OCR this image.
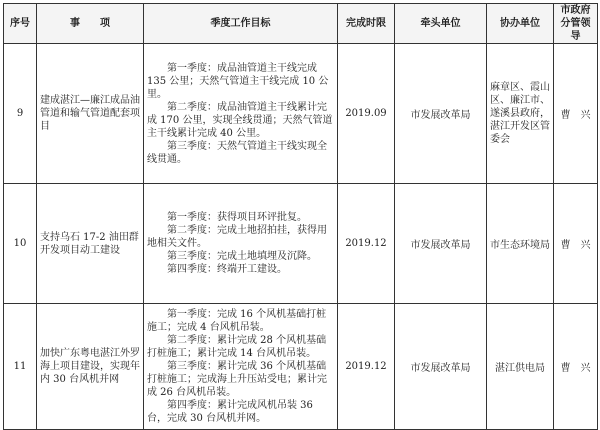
序号	事　　项	季度工作目标	完成时限	牵头单位	协办单位	市政府
分管领导

9	建成湛江—廉江成品油管道和输气管道配套项目	第一季度：成品油管道主干线完成 135 公里；天然气管道主干线完成 10 公里。
第二季度：成品油管道主干线累计完成 170 公里，实现全线贯通；天然气管道主干线累计完成 40 公里。
第三季度：天然气管道主干线实现全线贯通。	2019.09	市发展改革局	麻章区、霞山区、廉江市、遂溪县政府，湛江开发区管委会	曹　兴
10	支持乌石 17-2 油田群开发项目动工建设	第一季度：获得项目环评批复。
第二季度：完成土地招拍挂，获得用地相关文件。
第三季度：完成土地填埋及沉降。
第四季度：终端开工建设。	2019.12	市发展改革局	市生态环境局	曹　兴
11	加快广东粤电湛江外罗海上项目建设，实现年内 30 台风机并网	第一季度：完成 16 个风机基础打桩施工；完成 4 台风机吊装。
第二季度：累计完成 28 个风机基础打桩施工；累计完成 14 台风机吊装。
第三季度：累计完成 36 个风机基础打桩施工；完成海上升压站受电；累计完成 26 台风机吊装。
第四季度：累计完成风机吊装 36 台，完成 30 台风机并网。	2019.12	市发展改革局	湛江供电局	曹　兴
